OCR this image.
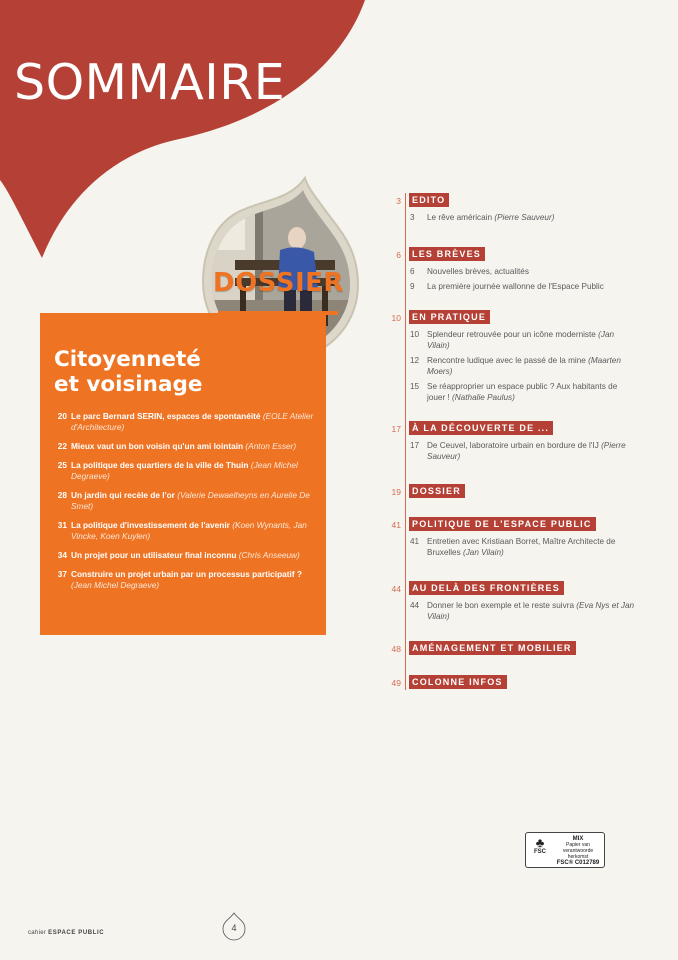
SOMMAIRE
DOSSIER
Citoyenneté
et voisinage
20 Le parc Bernard SERIN, espaces de spontanéité (EOLE Atelier d'Architecture)
22 Mieux vaut un bon voisin qu'un ami lointain (Anton Esser)
25 La politique des quartiers de la ville de Thuin (Jean Michel Degraeve)
28 Un jardin qui recèle de l'or (Valerie Dewaelheyns en Aurelie De Smet)
31 La politique d'investissement de l'avenir (Koen Wynants, Jan Vincke, Koen Kuylen)
34 Un projet pour un utilisateur final inconnu (Chris Anseeuw)
37 Construire un projet urbain par un processus participatif ? (Jean Michel Degraeve)
3	EDITO
3	Le rêve américain (Pierre Sauveur)
6	LES BRÈVES
6	Nouvelles brèves, actualités
9	La première journée wallonne de l'Espace Public
10	EN PRATIQUE
10 Splendeur retrouvée pour un icône moderniste (Jan Vilain)
12 Rencontre ludique avec le passé de la mine (Maarten Moers)
15 Se réapproprier un espace public ? Aux habitants de jouer ! (Nathalie Paulus)
17	À LA DÉCOUVERTE DE ...
17 De Ceuvel, laboratoire urbain en bordure de l'IJ (Pierre Sauveur)
19	DOSSIER
41	POLITIQUE DE L'ESPACE PUBLIC
41 Entretien avec Kristiaan Borret, Maître Architecte de Bruxelles (Jan Vilain)
44	AU DELÀ DES FRONTIÈRES
44 Donner le bon exemple et le reste suivra (Eva Nys et Jan Vilain)
48	AMÉNAGEMENT ET MOBILIER
49	COLONNE INFOS
♣
FSC
MIX
Papier van
verantwoorde herkomst
FSC® C012789
cahier ESPACE PUBLIC	4
